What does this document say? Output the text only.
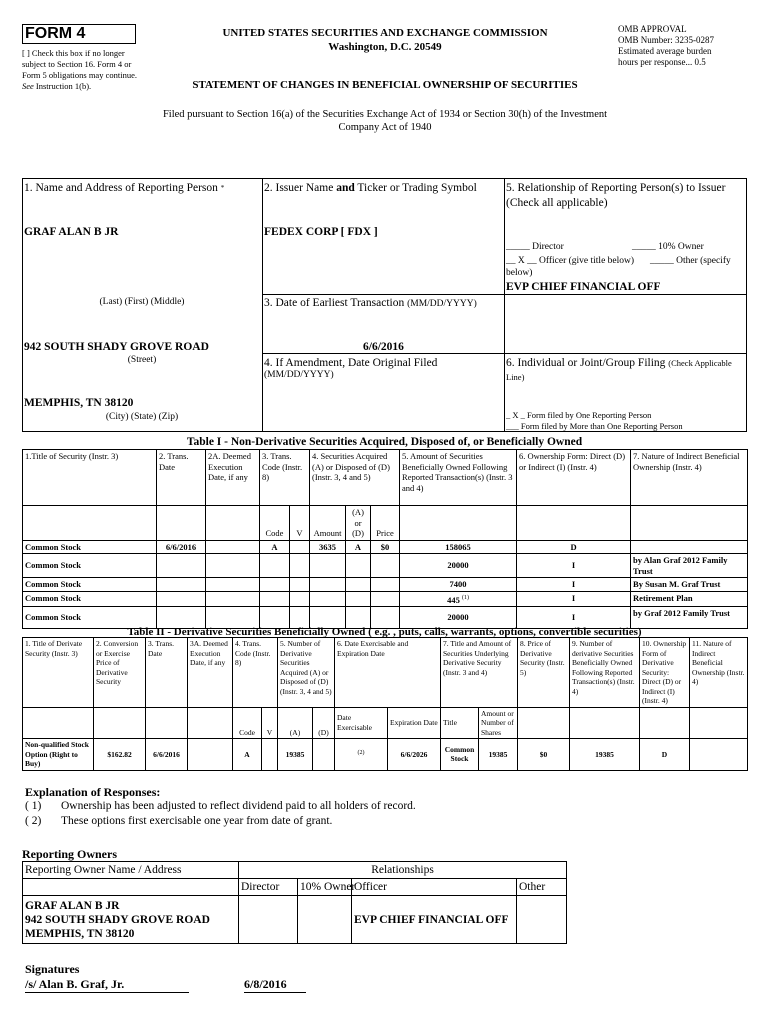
FORM 4
[ ] Check this box if no longer subject to Section 16. Form 4 or Form 5 obligations may continue. See Instruction 1(b).
UNITED STATES SECURITIES AND EXCHANGE COMMISSION
Washington, D.C. 20549
OMB APPROVAL
OMB Number: 3235-0287
Estimated average burden
hours per response... 0.5
STATEMENT OF CHANGES IN BENEFICIAL OWNERSHIP OF SECURITIES
Filed pursuant to Section 16(a) of the Securities Exchange Act of 1934 or Section 30(h) of the Investment Company Act of 1940
1. Name and Address of Reporting Person *
GRAF ALAN B JR
(Last) (First) (Middle)
942 SOUTH SHADY GROVE ROAD
(Street)
MEMPHIS, TN 38120
(City) (State) (Zip)
2. Issuer Name and Ticker or Trading Symbol
FEDEX CORP [ FDX ]
3. Date of Earliest Transaction (MM/DD/YYYY)
6/6/2016
4. If Amendment, Date Original Filed
(MM/DD/YYYY)
5. Relationship of Reporting Person(s) to Issuer
(Check all applicable)
_____ Director	_____ 10% Owner
__ X __ Officer (give title below)	_____ Other (specify below)
EVP CHIEF FINANCIAL OFF
6. Individual or Joint/Group Filing (Check Applicable Line)
_ X _ Form filed by One Reporting Person
___ Form filed by More than One Reporting Person
Table I - Non-Derivative Securities Acquired, Disposed of, or Beneficially Owned
1.Title of Security (Instr. 3)	2. Trans. Date	2A. Deemed Execution Date, if any	3. Trans. Code (Instr. 8)		4. Securities Acquired (A) or Disposed of (D) (Instr. 3, 4 and 5)			5. Amount of Securities Beneficially Owned Following Reported Transaction(s) (Instr. 3 and 4)	6. Ownership Form: Direct (D) or Indirect (I) (Instr. 4)	7. Nature of Indirect Beneficial Ownership (Instr. 4)
			Code	V	Amount	(A) or (D)	Price			
Common Stock	6/6/2016		A		3635	A	$0	158065	D	
Common Stock								20000	I	by Alan Graf 2012 Family Trust
Common Stock								7400	I	By Susan M. Graf Trust
Common Stock								445 $^{(1)}$	I	Retirement Plan
Common Stock								20000	I	by Graf 2012 Family Trust
Table II - Derivative Securities Beneficially Owned ( e.g. , puts, calls, warrants, options, convertible securities)
1. Title of Derivate Security (Instr. 3)	2. Conversion or Exercise Price of Derivative Security	3. Trans. Date	3A. Deemed Execution Date, if any	4. Trans. Code (Instr. 8)		5. Number of Derivative Securities Acquired (A) or Disposed of (D) (Instr. 3, 4 and 5)		6. Date Exercisable and Expiration Date		7. Title and Amount of Securities Underlying Derivative Security (Instr. 3 and 4)		8. Price of Derivative Security (Instr. 5)	9. Number of derivative Securities Beneficially Owned Following Reported Transaction(s) (Instr. 4)	10. Ownership Form of Derivative Security: Direct (D) or Indirect (I) (Instr. 4)	11. Nature of Indirect Beneficial Ownership (Instr. 4)
				Code	V	(A)	(D)	Date Exercisable	Expiration Date	Title	Amount or Number of Shares				
Non-qualified Stock Option (Right to Buy)	$162.82	6/6/2016		A		19385		$^{(2)}$	6/6/2026	Common Stock	19385	$0	19385	D	
Explanation of Responses:
( 1) Ownership has been adjusted to reflect dividend paid to all holders of record.
( 2) These options first exercisable one year from date of grant.
Reporting Owners
Reporting Owner Name / Address	Relationships			
	Director	10% Owner	Officer	Other

GRAF ALAN B JR
942 SOUTH SHADY GROVE ROAD
MEMPHIS, TN 38120			EVP CHIEF FINANCIAL OFF	
Signatures
/s/ Alan B. Graf, Jr.	6/8/2016
